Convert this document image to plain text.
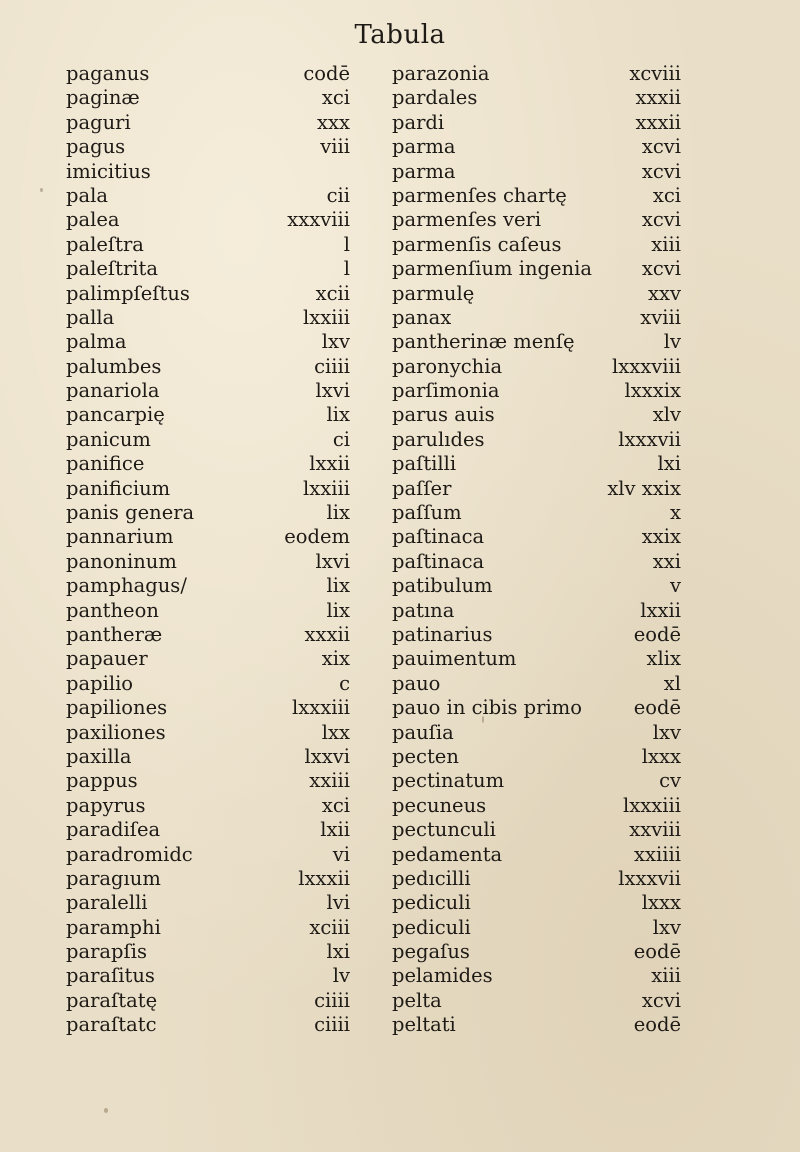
Tabula
paganus
paginæ
paguri
pagus
imicitius
pala
palea
paleſtra
paleſtrita
palimpſeſtus
palla
palma
palumbes
panariola
pancarpię
panicum
panifice
panificium
panis genera
pannarium
panoninum
pamphagus/
pantheon
pantheræ
papauer
papilio
papiliones
paxiliones
paxilla
pappus
papyrus
paradiſea
paradromidc
paragıum
paralelli
paramphi
parapſis
paraſitus
paraſtatę
paraſtatc
codē
xci
xxx
viii
cii
xxxviii
l
l
xcii
lxxiii
lxv
ciiii
lxvi
lix
ci
lxxii
lxxiii
lix
eodem
lxvi
lix
lix
xxxii
xix
c
lxxxiii
lxx
lxxvi
xxiii
xci
lxii
vi
lxxxii
lvi
xciii
lxi
lv
ciiii
ciiii
parazonia
pardales
pardi
parma
parma
parmenſes chartę
parmenſes veri
parmenſis caſeus
parmenſium ingenia
parmulę
panax
pantherinæ menſę
paronychia
parſimonia
parus auis
parulıdes
paſtilli
paſſer
paſſum
paſtinaca
paſtinaca
patibulum
patına
patinarius
pauimentum
pauo
pauo in cibis primo
pauſia
pecten
pectinatum
pecuneus
pectunculi
pedamenta
pedıcilli
pediculi
pediculi
pegaſus
pelamides
pelta
peltati
xcviii
xxxii
xxxii
xcvi
xcvi
xci
xcvi
xiii
xcvi
xxv
xviii
lv
lxxxviii
lxxxix
xlv
lxxxvii
lxi
xlv xxix
x
xxix
xxi
v
lxxii
eodē
xlix
xl
eodē
lxv
lxxx
cv
lxxxiii
xxviii
xxiiii
lxxxvii
lxxx
lxv
eodē
xiii
xcvi
eodē
